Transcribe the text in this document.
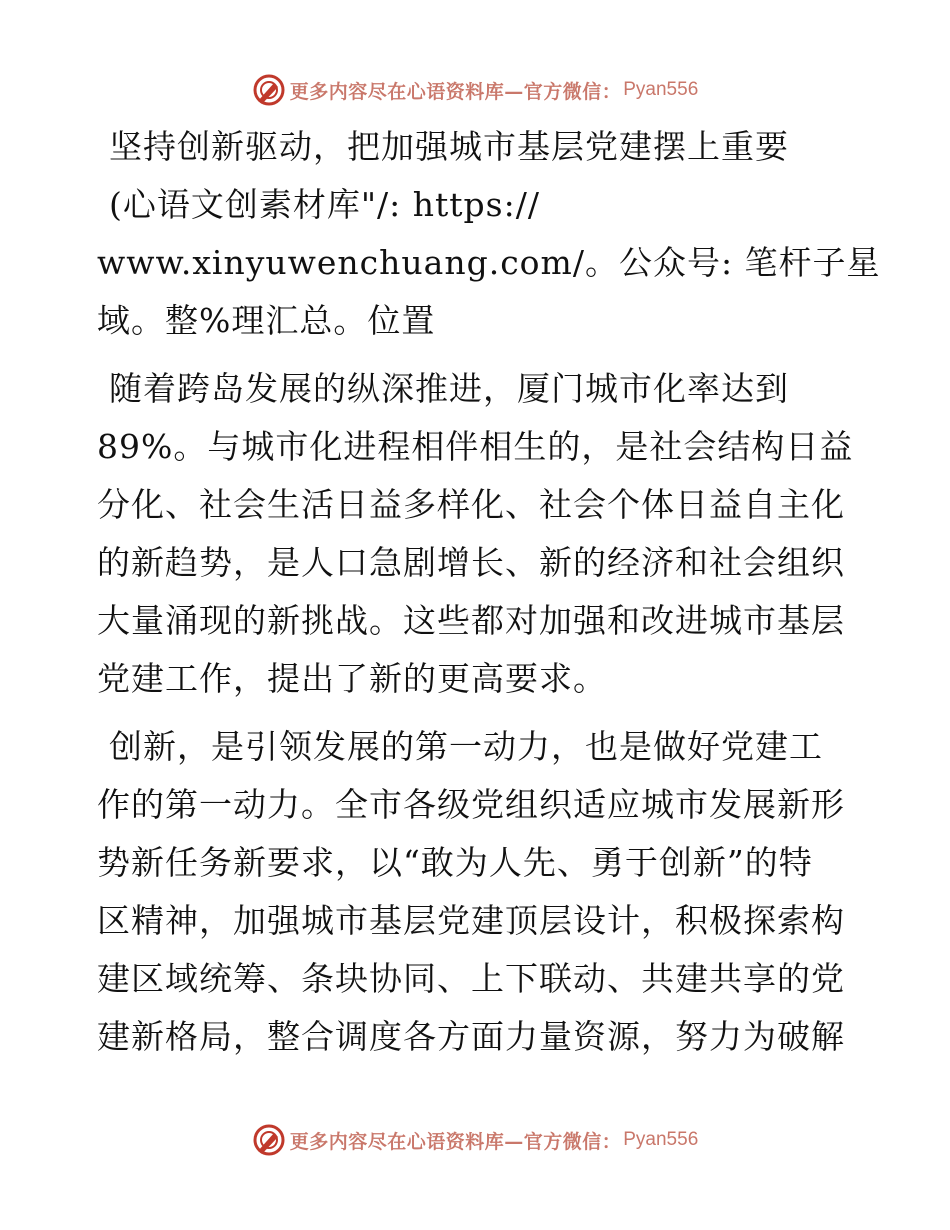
更多内容尽在心语资料库—官方微信： Pyan556

坚持创新驱动，把加强城市基层党建摆上重要
(心语文创素材库"/: https://
www.xinyuwenchuang.com/。公众号: 笔杆子星
域。整%理汇总。位置

随着跨岛发展的纵深推进，厦门城市化率达到
89%。与城市化进程相伴相生的，是社会结构日益
分化、社会生活日益多样化、社会个体日益自主化
的新趋势，是人口急剧增长、新的经济和社会组织
大量涌现的新挑战。这些都对加强和改进城市基层
党建工作，提出了新的更高要求。

创新，是引领发展的第一动力，也是做好党建工
作的第一动力。全市各级党组织适应城市发展新形
势新任务新要求，以“敢为人先、勇于创新”的特
区精神，加强城市基层党建顶层设计，积极探索构
建区域统筹、条块协同、上下联动、共建共享的党
建新格局，整合调度各方面力量资源，努力为破解

更多内容尽在心语资料库—官方微信： Pyan556
